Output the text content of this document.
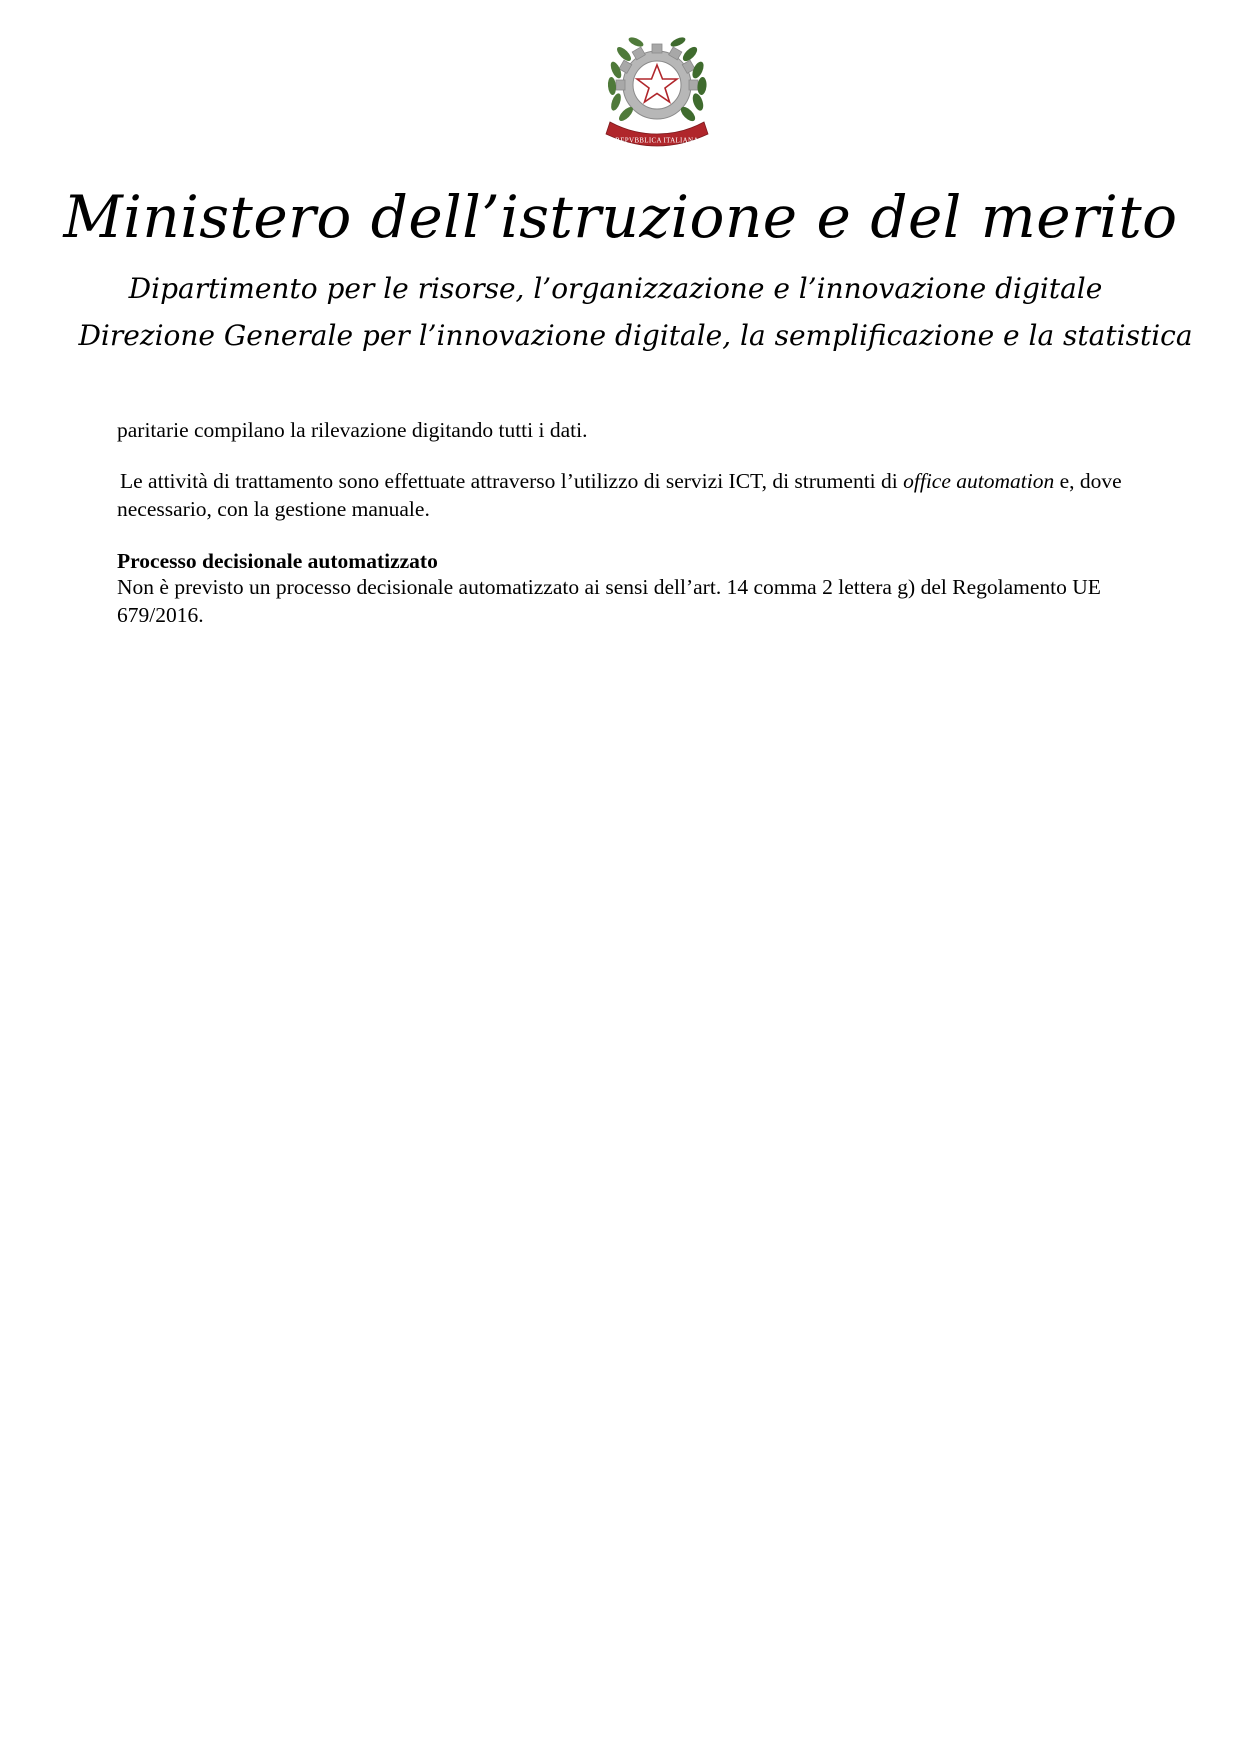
REPVBBLICA ITALIANA
Ministero dell’istruzione e del merito

Dipartimento per le risorse, l’organizzazione e l’innovazione digitale

Direzione Generale per l’innovazione digitale, la semplificazione e la statistica

paritarie compilano la rilevazione digitando tutti i dati.

Le attività di trattamento sono effettuate attraverso l’utilizzo di servizi ICT, di strumenti di office automation e, dove necessario, con la gestione manuale.

Processo decisionale automatizzato

Non è previsto un processo decisionale automatizzato ai sensi dell’art. 14 comma 2 lettera g) del Regolamento UE 679/2016.
